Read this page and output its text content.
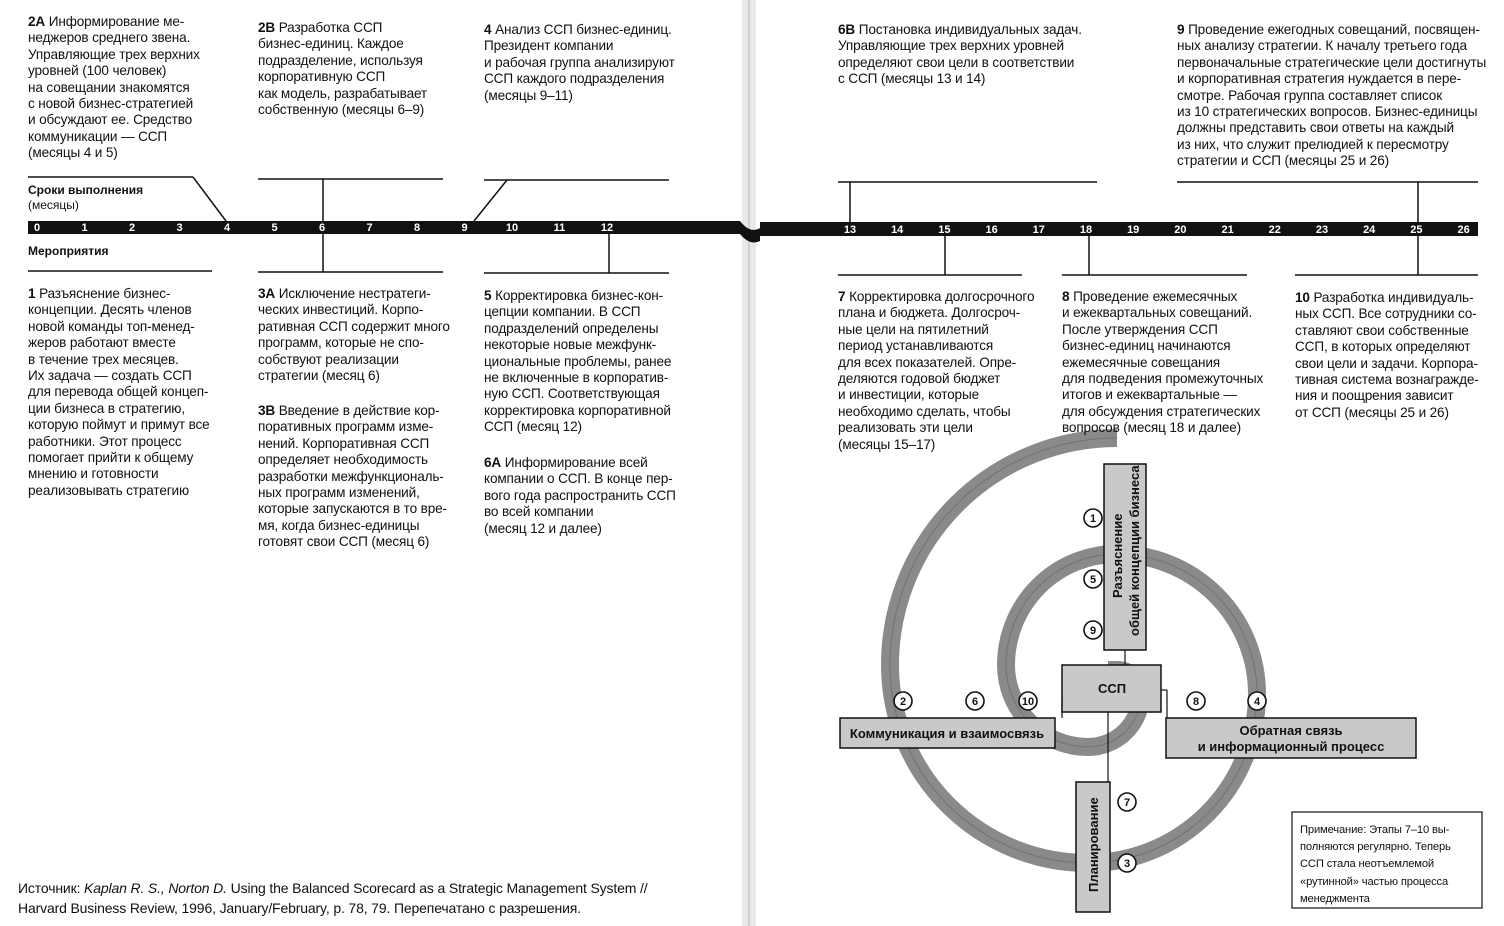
0	1	2	3	4	5	6	7	8	9	10	11	12	13	14	15	16	17	18	19	20	21	22	23	24	25	26
Разъяснение общей концепции бизнеса
ССП
Коммуникация и взаимосвязь	Обратная связь
и информационный процесс
Планирование
1
5
9
2	6	10	8	4
7
3
2A Информирование ме-
неджеров среднего звена.
Управляющие трех верхних
уровней (100 человек)
на совещании знакомятся
с новой бизнес-стратегией
и обсуждают ее. Средство
коммуникации — ССП
(месяцы 4 и 5)
2B Разработка ССП
бизнес-единиц. Каждое
подразделение, используя
корпоративную ССП
как модель, разрабатывает
собственную (месяцы 6–9)
4 Анализ ССП бизнес-единиц.
Президент компании
и рабочая группа анализируют
ССП каждого подразделения
(месяцы 9–11)
6B Постановка индивидуальных задач.
Управляющие трех верхних уровней
определяют свои цели в соответствии
с ССП (месяцы 13 и 14)
9 Проведение ежегодных совещаний, посвящен-
ных анализу стратегии. К началу третьего года
первоначальные стратегические цели достигнуты
и корпоративная стратегия нуждается в пере-
смотре. Рабочая группа составляет список
из 10 стратегических вопросов. Бизнес-единицы
должны представить свои ответы на каждый
из них, что служит прелюдией к пересмотру
стратегии и ССП (месяцы 25 и 26)
Сроки выполнения
(месяцы)
Мероприятия
1 Разъяснение бизнес-
концепции. Десять членов
новой команды топ-менед-
жеров работают вместе
в течение трех месяцев.
Их задача — создать ССП
для перевода общей концеп-
ции бизнеса в стратегию,
которую поймут и примут все
работники. Этот процесс
помогает прийти к общему
мнению и готовности
реализовывать стратегию
3A Исключение нестратеги-
ческих инвестиций. Корпо-
ративная ССП содержит много
программ, которые не спо-
собствуют реализации
стратегии (месяц 6)
3B Введение в действие кор-
поративных программ изме-
нений. Корпоративная ССП
определяет необходимость
разработки межфункциональ-
ных программ изменений,
которые запускаются в то вре-
мя, когда бизнес-единицы
готовят свои ССП (месяц 6)
5 Корректировка бизнес-кон-
цепции компании. В ССП
подразделений определены
некоторые новые межфунк-
циональные проблемы, ранее
не включенные в корпоратив-
ную ССП. Соответствующая
корректировка корпоративной
ССП (месяц 12)
6A Информирование всей
компании о ССП. В конце пер-
вого года распространить ССП
во всей компании
(месяц 12 и далее)
7 Корректировка долгосрочного
плана и бюджета. Долгосроч-
ные цели на пятилетний
период устанавливаются
для всех показателей. Опре-
деляются годовой бюджет
и инвестиции, которые
необходимо сделать, чтобы
реализовать эти цели
(месяцы 15–17)
8 Проведение ежемесячных
и ежеквартальных совещаний.
После утверждения ССП
бизнес-единиц начинаются
ежемесячные совещания
для подведения промежуточных
итогов и ежеквартальные —
для обсуждения стратегических
вопросов (месяц 18 и далее)
10 Разработка индивидуаль-
ных ССП. Все сотрудники со-
ставляют свои собственные
ССП, в которых определяют
свои цели и задачи. Корпора-
тивная система вознагражде-
ния и поощрения зависит
от ССП (месяцы 25 и 26)
Примечание: Этапы 7–10 вы-
полняются регулярно. Теперь
ССП стала неотъемлемой
«рутинной» частью процесса
менеджмента
Источник: Kaplan R. S., Norton D. Using the Balanced Scorecard as a Strategic Management System //
Harvard Business Review, 1996, January/February, p. 78, 79. Перепечатано с разрешения.
